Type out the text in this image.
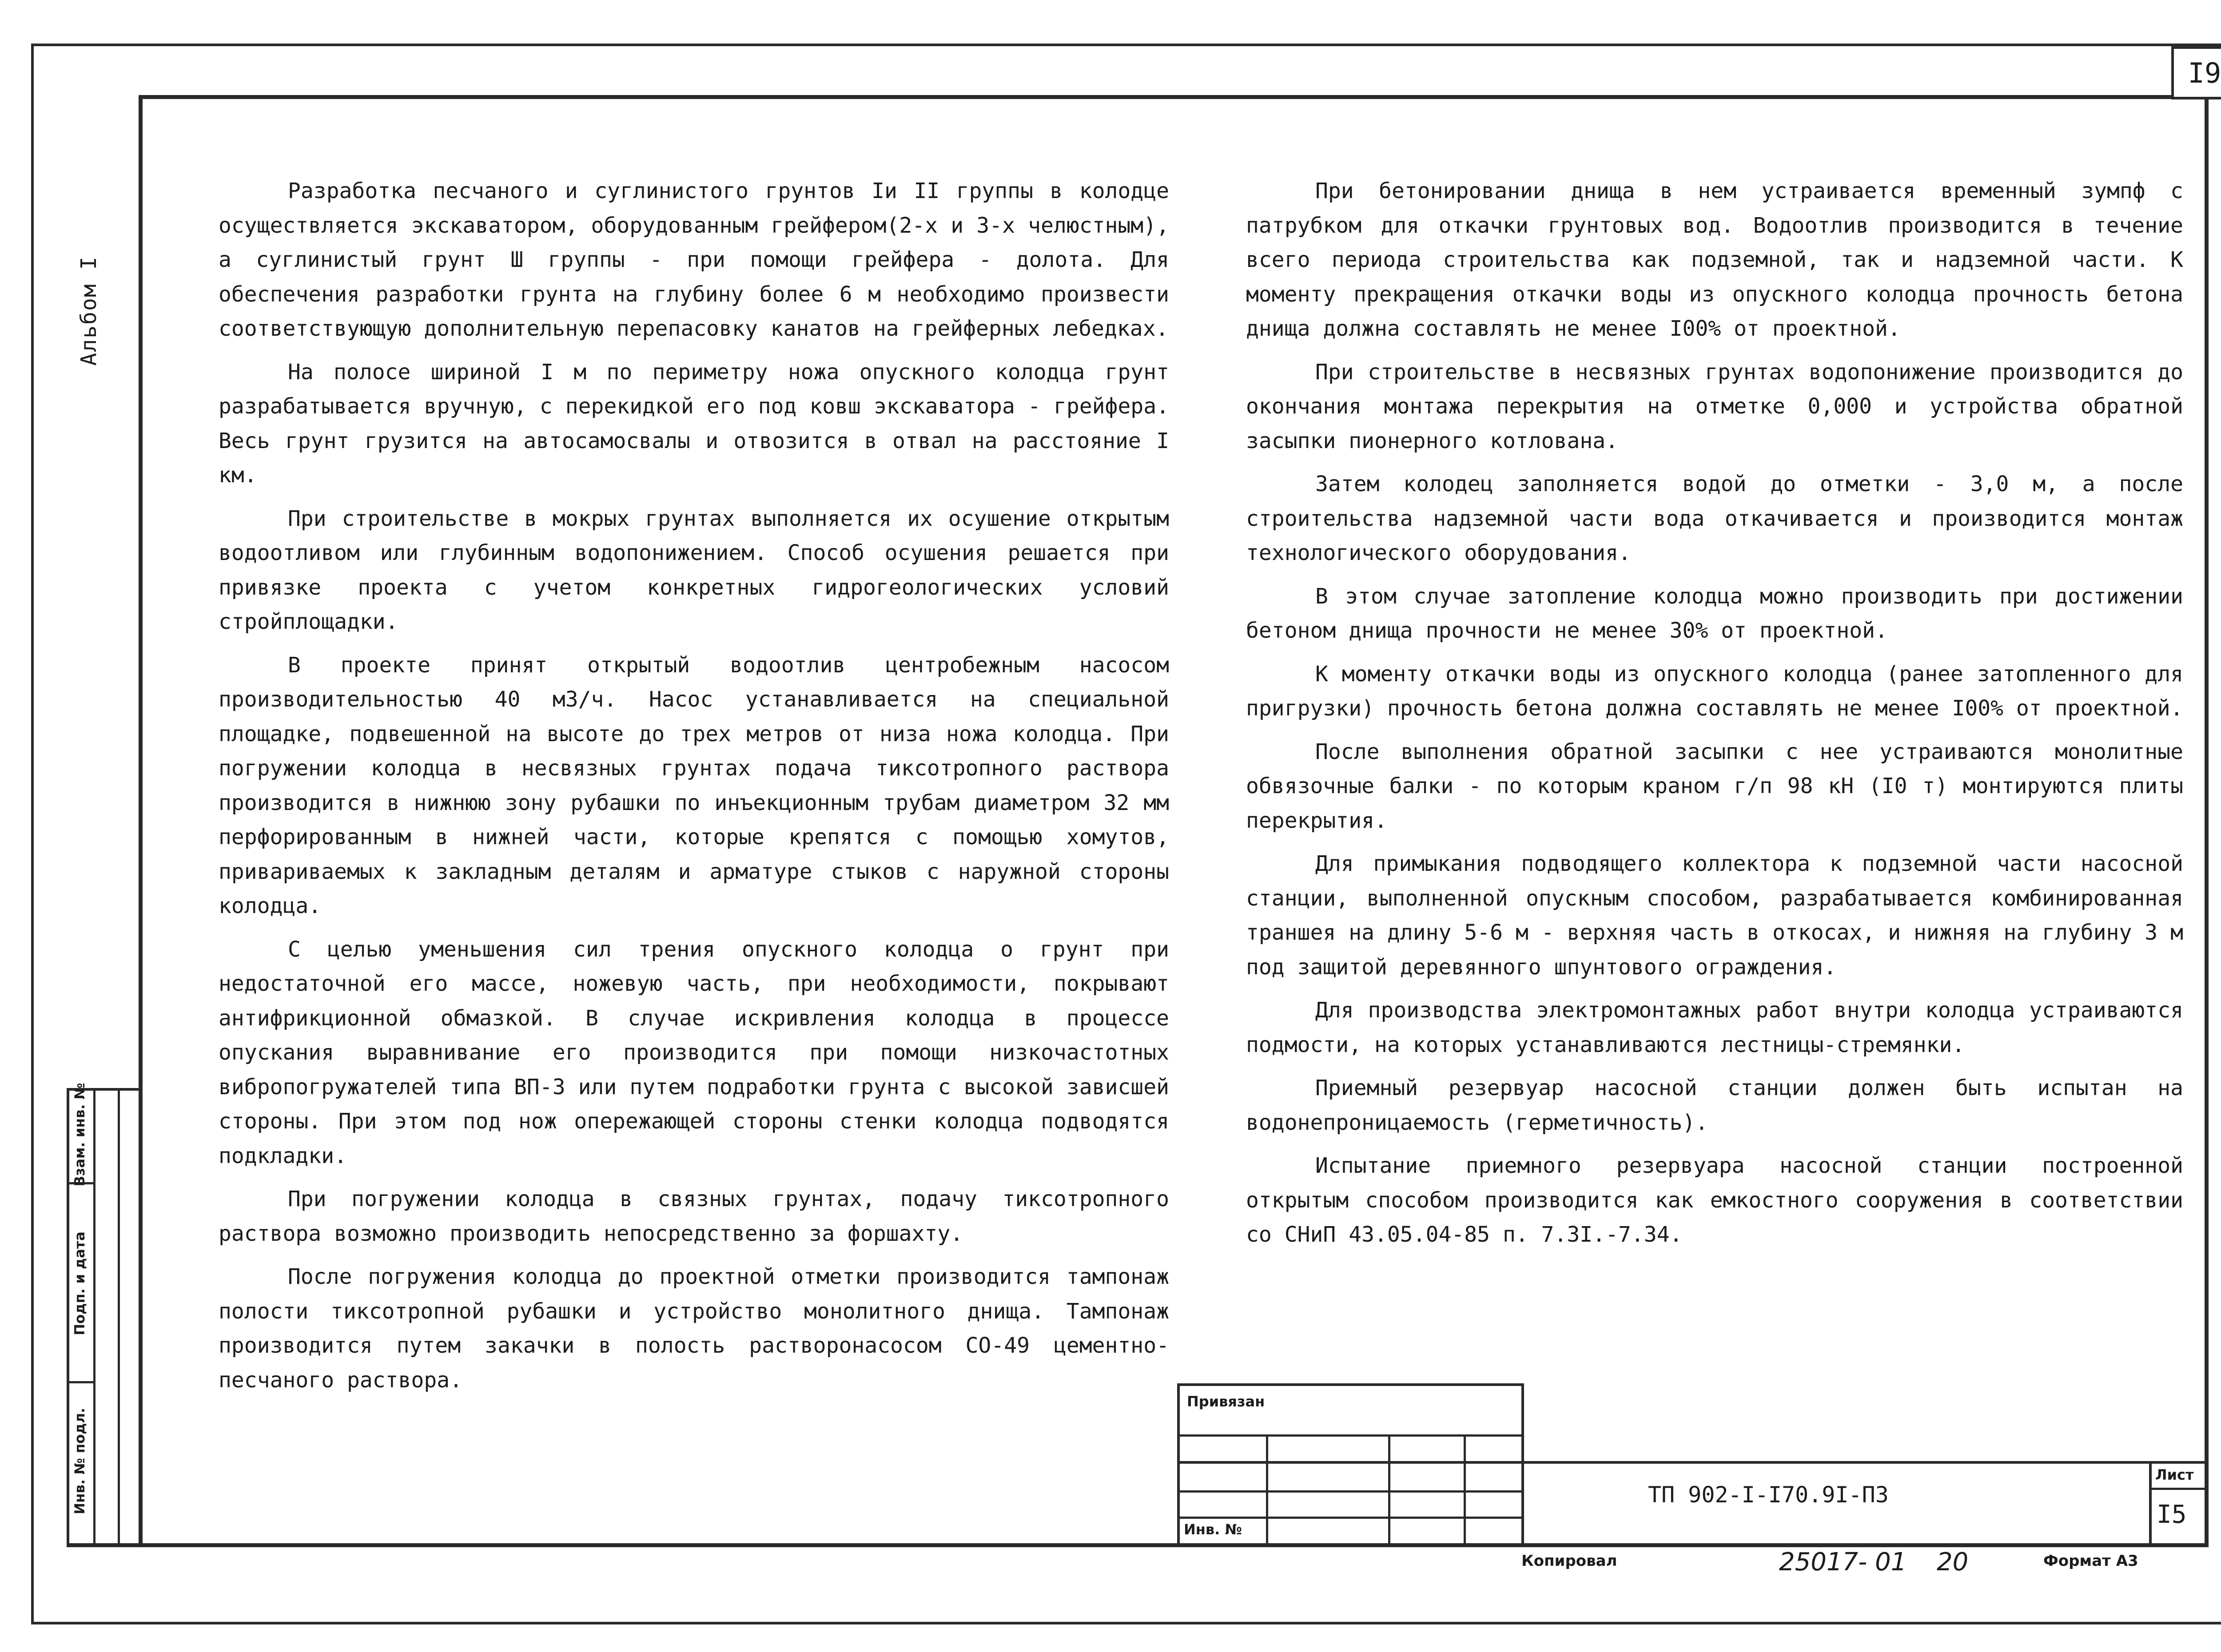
I9
Альбом I
Инв. № подл.
Подп. и дата
Взам. инв. №

Разработка песчаного и суглинистого грунтов Iи II группы в колодце осуществляется экскаватором, оборудованным грейфером(2-х и 3-х челюстным), а суглинистый грунт Ш группы - при помощи грейфера - долота. Для обеспечения разработки грунта на глубину более 6 м необходимо произвести соответствующую дополнительную перепасовку канатов на грейферных лебедках.

На полосе шириной I м по периметру ножа опускного колодца грунт разрабатывается вручную, с перекидкой его под ковш экскаватора - грейфера. Весь грунт грузится на автосамосвалы и отвозится в отвал на расстояние I км.

При строительстве в мокрых грунтах выполняется их осушение открытым водоотливом или глубинным водопонижением. Способ осушения решается при привязке проекта с учетом конкретных гидрогеологических условий стройплощадки.

В проекте принят открытый водоотлив центробежным насосом производительностью 40 м3/ч. Насос устанавливается на специальной площадке, подвешенной на высоте до трех метров от низа ножа колодца. При погружении колодца в несвязных грунтах подача тиксотропного раствора производится в нижнюю зону рубашки по инъекционным трубам диаметром 32 мм перфорированным в нижней части, которые крепятся с помощью хомутов, привариваемых к закладным деталям и арматуре стыков с наружной стороны колодца.

С целью уменьшения сил трения опускного колодца о грунт при недостаточной его массе, ножевую часть, при необходимости, покрывают антифрикционной обмазкой. В случае искривления колодца в процессе опускания выравнивание его производится при помощи низкочастотных вибропогружателей типа ВП-3 или путем подработки грунта с высокой зависшей стороны. При этом под нож опережающей стороны стенки колодца подводятся подкладки.

При погружении колодца в связных грунтах, подачу тиксотропного раствора возможно производить непосредственно за форшахту.

После погружения колодца до проектной отметки производится тампонаж полости тиксотропной рубашки и устройство монолитного днища. Тампонаж производится путем закачки в полость растворонасосом СО-49 цементно-песчаного раствора.

При бетонировании днища в нем устраивается временный зумпф с патрубком для откачки грунтовых вод. Водоотлив производится в течение всего периода строительства как подземной, так и надземной части. К моменту прекращения откачки воды из опускного колодца прочность бетона днища должна составлять не менее I00% от проектной.

При строительстве в несвязных грунтах водопонижение производится до окончания монтажа перекрытия на отметке 0,000 и устройства обратной засыпки пионерного котлована.

Затем колодец заполняется водой до отметки - 3,0 м, а после строительства надземной части вода откачивается и производится монтаж технологического оборудования.

В этом случае затопление колодца можно производить при достижении бетоном днища прочности не менее 30% от проектной.

К моменту откачки воды из опускного колодца (ранее затопленного для пригрузки) прочность бетона должна составлять не менее I00% от проектной.

После выполнения обратной засыпки с нее устраиваются монолитные обвязочные балки - по которым краном г/п 98 кН (I0 т) монтируются плиты перекрытия.

Для примыкания подводящего коллектора к подземной части насосной станции, выполненной опускным способом, разрабатывается комбинированная траншея на длину 5-6 м - верхняя часть в откосах, и нижняя на глубину 3 м под защитой деревянного шпунтового ограждения.

Для производства электромонтажных работ внутри колодца устраиваются подмости, на которых устанавливаются лестницы-стремянки.

Приемный резервуар насосной станции должен быть испытан на водонепроницаемость (герметичность).

Испытание приемного резервуара насосной станции построенной открытым способом производится как емкостного сооружения в соответствии со СНиП 43.05.04-85 п. 7.3I.-7.34.

Привязан
Инв. №
ТП 902-I-I70.9I-ПЗ
Лист
I5
Копировал	25017- 01 20	Формат А3
